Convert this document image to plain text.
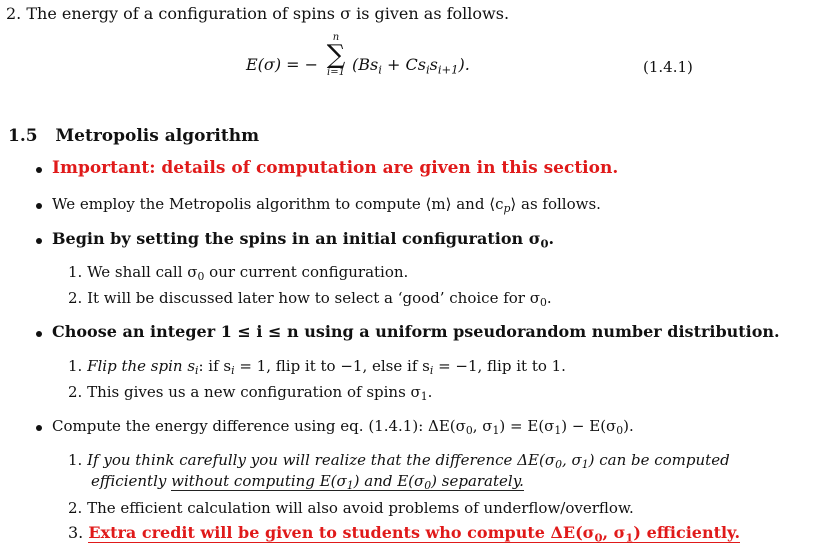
2. The energy of a configuration of spins σ is given as follows.
E(σ) = −
n
∑
i=1 $(Bs_i + Cs_is_{i+1})$.	(1.4.1)
1.5 Metropolis algorithm
Important: details of computation are given in this section.
We employ the Metropolis algorithm to compute ⟨m⟩ and $⟨c_p⟩$ as follows.
Begin by setting the spins in an initial configuration $\sigma_0$.
1. We shall call $\sigma_0$ our current configuration.
2. It will be discussed later how to select a ‘good’ choice for $\sigma_0$.
Choose an integer 1 ≤ i ≤ n using a uniform pseudorandom number distribution.
1. Flip the spin $s_i$: if $s_i = 1$, flip it to −1, else if $s_i = -1$, flip it to 1.
2. This gives us a new configuration of spins $\sigma_1$.
Compute the energy difference using eq. (1.4.1): $\Delta E(\sigma_0$, $\sigma_1) = E(\sigma_1) - E(\sigma_0)$.
1. If you think carefully you will realize that the difference $\Delta E(\sigma_0$, $\sigma_1$) can be computed
efficiently without computing $E(\sigma_1)$ and $E(\sigma_0)$ separately.
2. The efficient calculation will also avoid problems of underflow/overflow.
3. Extra credit will be given to students who compute $\Delta E(\sigma_0$, $\sigma_1$) efficiently.
